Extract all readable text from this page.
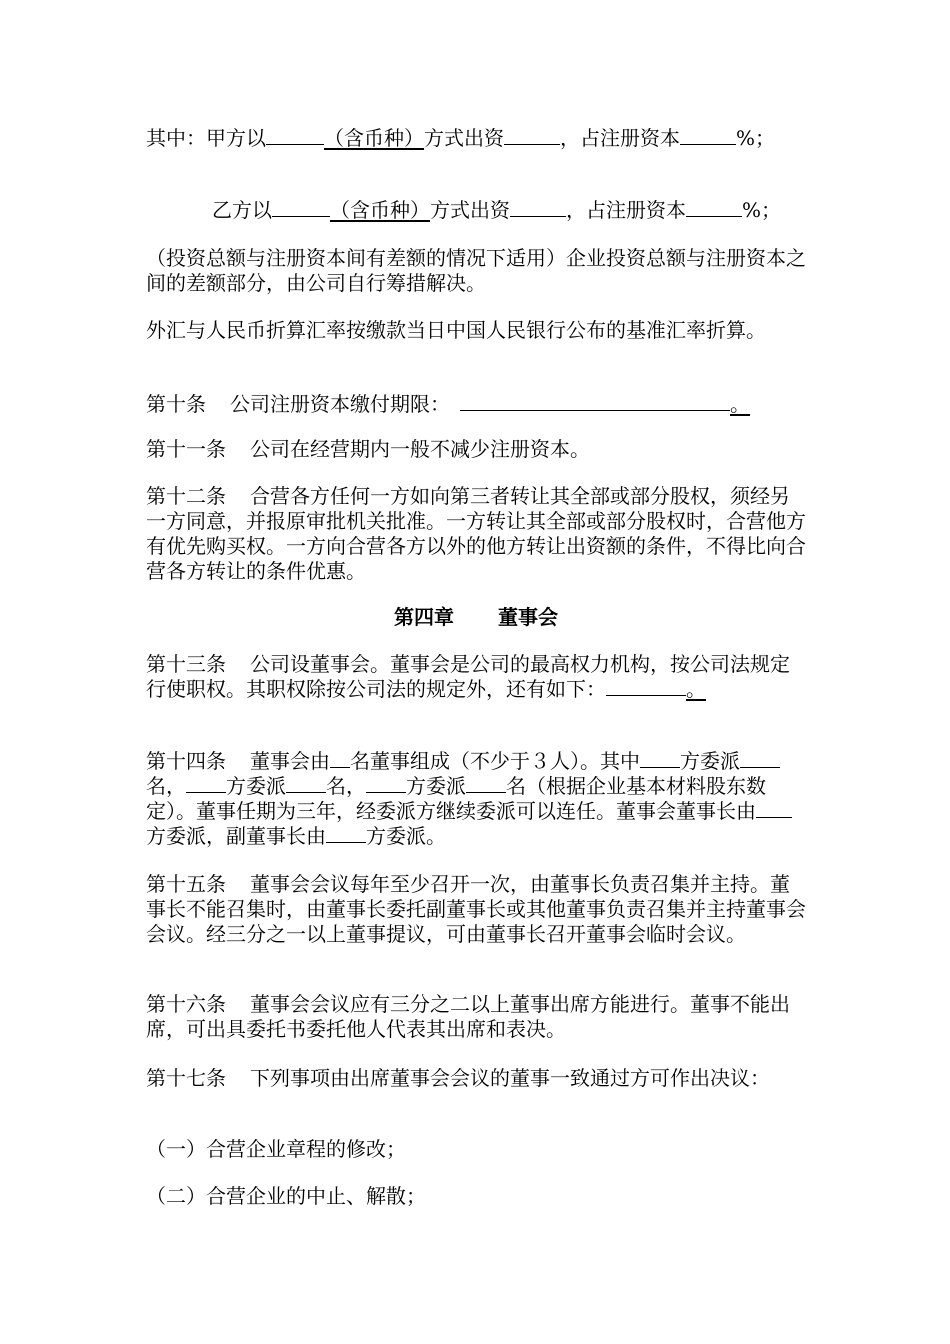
其中：甲方以	（含币种）方式出资	，占注册资本	%；

乙方以	（含币种）方式出资	，占注册资本	%；

（投资总额与注册资本间有差额的情况下适用）企业投资总额与注册资本之间的差额部分，由公司自行筹措解决。

外汇与人民币折算汇率按缴款当日中国人民银行公布的基准汇率折算。

第十条 公司注册资本缴付期限：	。

第十一条 公司在经营期内一般不减少注册资本。

第十二条 合营各方任何一方如向第三者转让其全部或部分股权，须经另一方同意，并报原审批机关批准。一方转让其全部或部分股权时，合营他方有优先购买权。一方向合营各方以外的他方转让出资额的条件，不得比向合营各方转让的条件优惠。

第四章 董事会

第十三条 公司设董事会。董事会是公司的最高权力机构，按公司法规定行使职权。其职权除按公司法的规定外，还有如下：	。

第十四条 董事会由 名董事组成（不少于３人）。其中 方委派名， 方委派 名， 方委派 名（根据企业基本材料股东数定）。董事任期为三年，经委派方继续委派可以连任。董事会董事长由方委派，副董事长由 方委派。

第十五条 董事会会议每年至少召开一次，由董事长负责召集并主持。董事长不能召集时，由董事长委托副董事长或其他董事负责召集并主持董事会会议。经三分之一以上董事提议，可由董事长召开董事会临时会议。

第十六条 董事会会议应有三分之二以上董事出席方能进行。董事不能出席，可出具委托书委托他人代表其出席和表决。

第十七条 下列事项由出席董事会会议的董事一致通过方可作出决议：

（一）合营企业章程的修改；

（二）合营企业的中止、解散；
